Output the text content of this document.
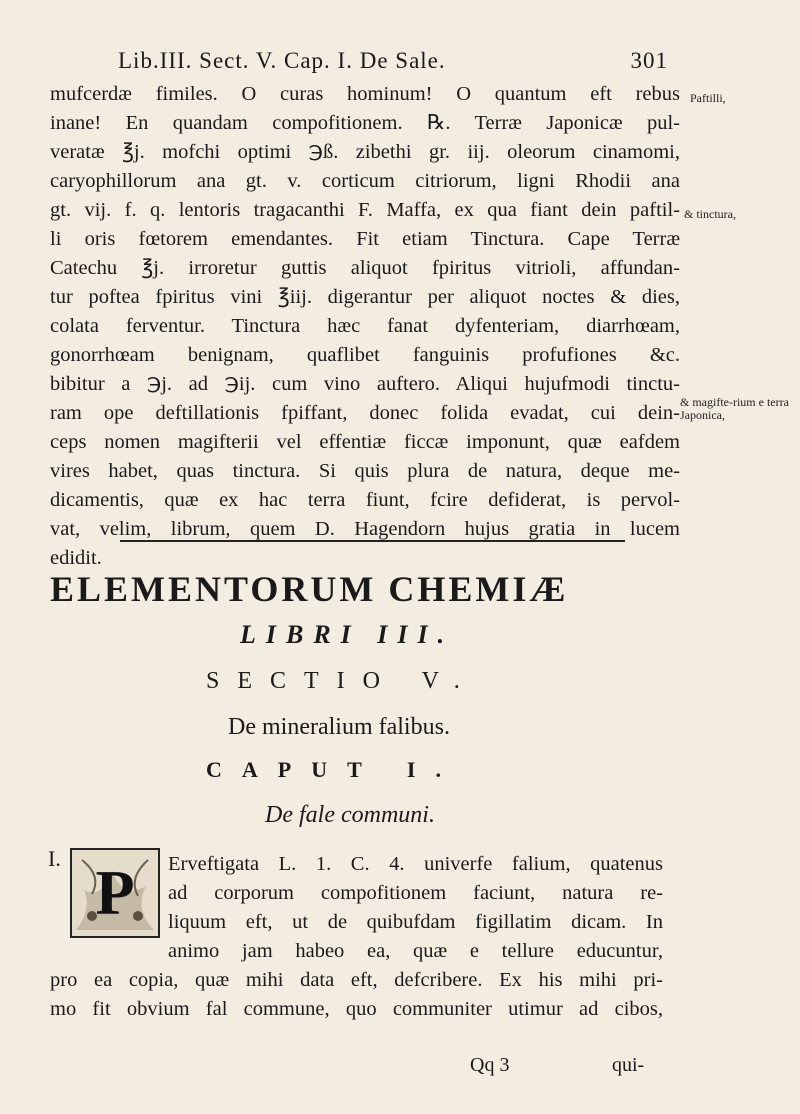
Lib.III. Sect. V. Cap. I. De Sale.	301
mufcerdæ fimiles. O curas hominum! O quantum eft rebus
inane! En quandam compofitionem. ℞. Terræ Japonicæ pul-
veratæ ℥j. mofchi optimi ℈ß. zibethi gr. iij. oleorum cinamomi,
caryophillorum ana gt. v. corticum citriorum, ligni Rhodii ana
gt. vij. f. q. lentoris tragacanthi F. Maffa, ex qua fiant dein paftil-
li oris fœtorem emendantes. Fit etiam Tinctura. Cape Terræ
Catechu ℥j. irroretur guttis aliquot fpiritus vitrioli, affundan-
tur poftea fpiritus vini ℥iij. digerantur per aliquot noctes & dies,
colata ferventur. Tinctura hæc fanat dyfenteriam, diarrhœam,
gonorrhœam benignam, quaflibet fanguinis profufiones &c.
bibitur a ℈j. ad ℈ij. cum vino auftero. Aliqui hujufmodi tinctu-
ram ope deftillationis fpiffant, donec folida evadat, cui dein-
ceps nomen magifterii vel effentiæ ficcæ imponunt, quæ eafdem
vires habet, quas tinctura. Si quis plura de natura, deque me-
dicamentis, quæ ex hac terra fiunt, fcire defiderat, is pervol-
vat, velim, librum, quem D. Hagendorn hujus gratia in lucem
edidit.
Paftilli,
& tinctura,
& magifte-rium e terra Japonica,
ELEMENTORUM CHEMIÆ
LIBRI III.
SECTIO V.
De mineralium falibus.
CAPUT I.
De fale communi.
I. P Erveftigata L. 1. C. 4. univerfe falium, quatenus
ad corporum compofitionem faciunt, natura re-
liquum eft, ut de quibufdam figillatim dicam. In
animo jam habeo ea, quæ e tellure educuntur,
pro ea copia, quæ mihi data eft, defcribere. Ex his mihi pri-
mo fit obvium fal commune, quo communiter utimur ad cibos,
Qq 3	qui-
